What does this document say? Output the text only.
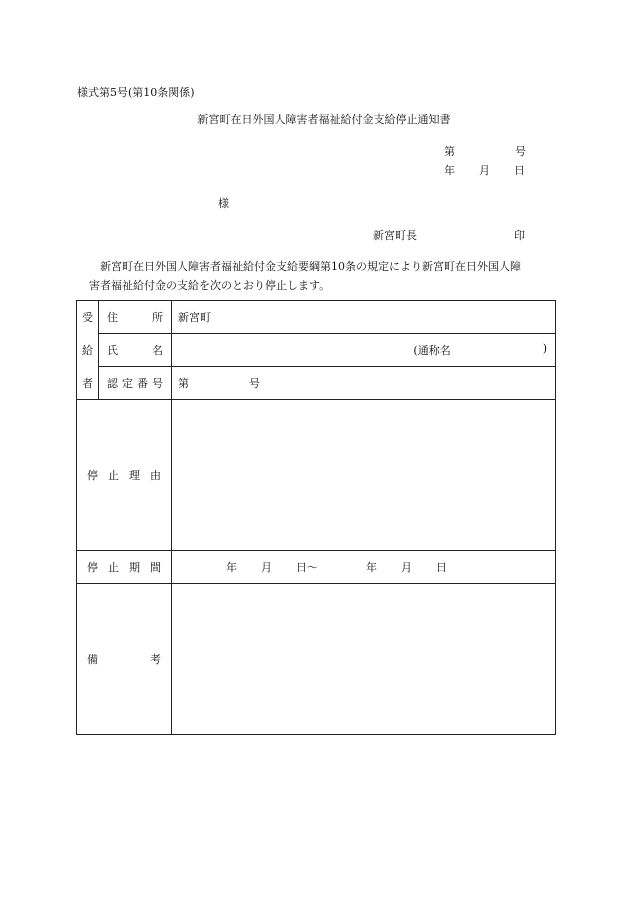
様式第5号(第10条関係)
新宮町在日外国人障害者福祉給付金支給停止通知書
第	号
年 月 日
様
新宮町長	印
新宮町在日外国人障害者福祉給付金支給要綱第10条の規定により新宮町在日外国人障
害者福祉給付金の支給を次のとおり停止します。
受	住 所	新宮町
給	氏 名	(通称名 )

者	認 定 番 号	第 号

停 止 理 由		

停 止 期 間		年 月 日〜 年 月 日

備 考		
